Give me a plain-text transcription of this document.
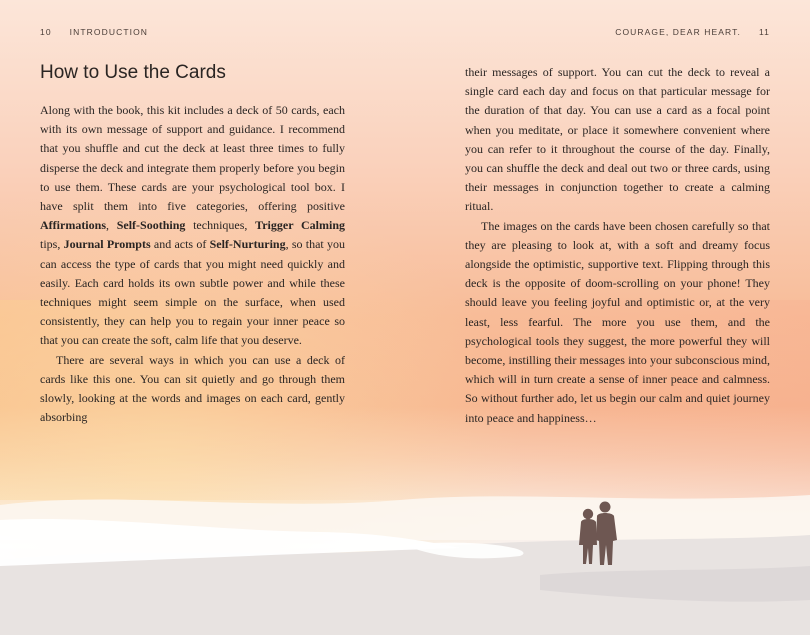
10 INTRODUCTION	COURAGE, DEAR HEART. 11
How to Use the Cards

Along with the book, this kit includes a deck of 50 cards, each with its own message of support and guidance. I recommend that you shuffle and cut the deck at least three times to fully disperse the deck and integrate them properly before you begin to use them. These cards are your psychological tool box. I have split them into five categories, offering positive Affirmations, Self-Soothing techniques, Trigger Calming tips, Journal Prompts and acts of Self-Nurturing, so that you can access the type of cards that you might need quickly and easily. Each card holds its own subtle power and while these techniques might seem simple on the surface, when used consistently, they can help you to regain your inner peace so that you can create the soft, calm life that you deserve.

There are several ways in which you can use a deck of cards like this one. You can sit quietly and go through them slowly, looking at the words and images on each card, gently absorbing

their messages of support. You can cut the deck to reveal a single card each day and focus on that particular message for the duration of that day. You can use a card as a focal point when you meditate, or place it somewhere convenient where you can refer to it throughout the course of the day. Finally, you can shuffle the deck and deal out two or three cards, using their messages in conjunction together to create a calming ritual.

The images on the cards have been chosen carefully so that they are pleasing to look at, with a soft and dreamy focus alongside the optimistic, supportive text. Flipping through this deck is the opposite of doom-scrolling on your phone! They should leave you feeling joyful and optimistic or, at the very least, less fearful. The more you use them, and the psychological tools they suggest, the more powerful they will become, instilling their messages into your subconscious mind, which will in turn create a sense of inner peace and calmness. So without further ado, let us begin our calm and quiet journey into peace and happiness…
